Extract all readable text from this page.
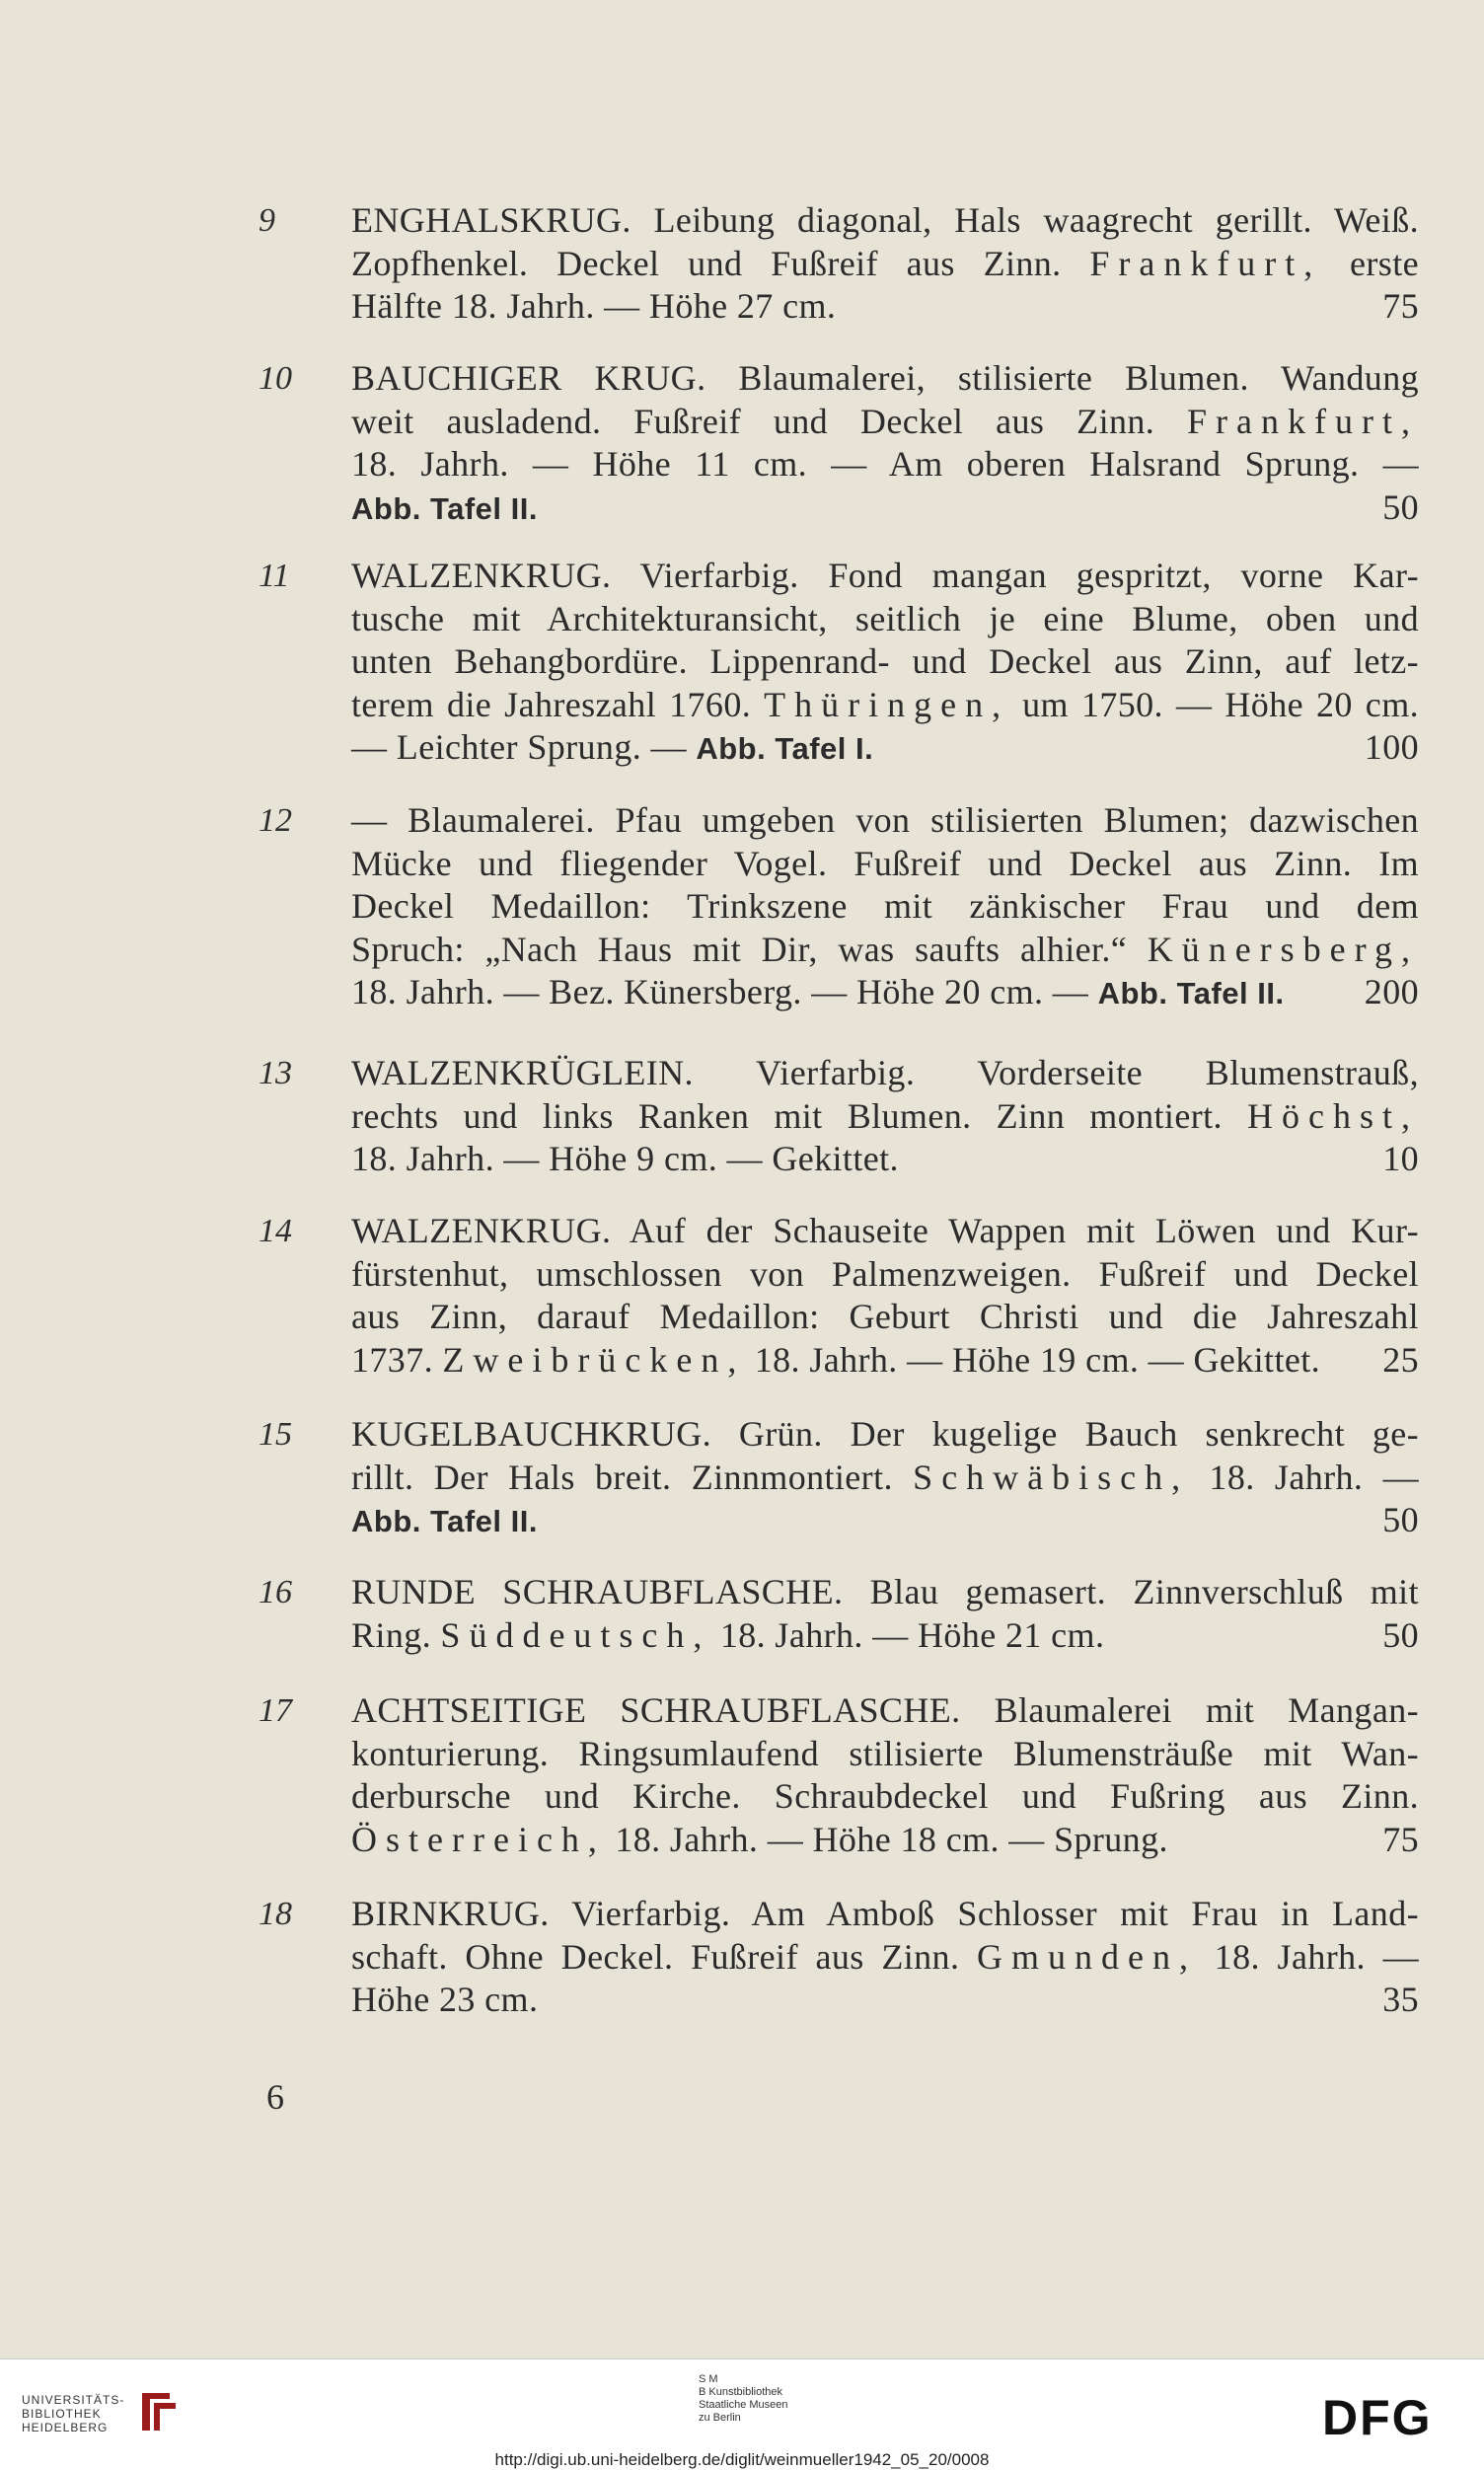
9 ENGHALSKRUG. Leibung diagonal, Hals waagrecht gerillt. Weiß.
Zopfhenkel. Deckel und Fußreif aus Zinn. Frankfurt, erste
Hälfte 18. Jahrh. — Höhe 27 cm.	75
10 BAUCHIGER KRUG. Blaumalerei, stilisierte Blumen. Wandung
weit ausladend. Fußreif und Deckel aus Zinn. Frankfurt,
18. Jahrh. — Höhe 11 cm. — Am oberen Halsrand Sprung. —
Abb. Tafel II.	50
11 WALZENKRUG. Vierfarbig. Fond mangan gespritzt, vorne Kar-
tusche mit Architekturansicht, seitlich je eine Blume, oben und
unten Behangbordüre. Lippenrand- und Deckel aus Zinn, auf letz-
terem die Jahreszahl 1760. Thüringen, um 1750. — Höhe 20 cm.
— Leichter Sprung. — Abb. Tafel I.	100
12 — Blaumalerei. Pfau umgeben von stilisierten Blumen; dazwischen
Mücke und fliegender Vogel. Fußreif und Deckel aus Zinn. Im
Deckel Medaillon: Trinkszene mit zänkischer Frau und dem
Spruch: „Nach Haus mit Dir, was saufts alhier.“ Künersberg,
18. Jahrh. — Bez. Künersberg. — Höhe 20 cm. — Abb. Tafel II. 200
13 WALZENKRÜGLEIN. Vierfarbig. Vorderseite Blumenstrauß,
rechts und links Ranken mit Blumen. Zinn montiert. Höchst,
18. Jahrh. — Höhe 9 cm. — Gekittet.	10
14 WALZENKRUG. Auf der Schauseite Wappen mit Löwen und Kur-
fürstenhut, umschlossen von Palmenzweigen. Fußreif und Deckel
aus Zinn, darauf Medaillon: Geburt Christi und die Jahreszahl
1737. Zweibrücken, 18. Jahrh. — Höhe 19 cm. — Gekittet. 25
15 KUGELBAUCHKRUG. Grün. Der kugelige Bauch senkrecht ge-
rillt. Der Hals breit. Zinnmontiert. Schwäbisch, 18. Jahrh. —
Abb. Tafel II.	50
16 RUNDE SCHRAUBFLASCHE. Blau gemasert. Zinnverschluß mit
Ring. Süddeutsch, 18. Jahrh. — Höhe 21 cm.	50
17 ACHTSEITIGE SCHRAUBFLASCHE. Blaumalerei mit Mangan-
konturierung. Ringsumlaufend stilisierte Blumensträuße mit Wan-
derbursche und Kirche. Schraubdeckel und Fußring aus Zinn.
Österreich, 18. Jahrh. — Höhe 18 cm. — Sprung.	75
18 BIRNKRUG. Vierfarbig. Am Amboß Schlosser mit Frau in Land-
schaft. Ohne Deckel. Fußreif aus Zinn. Gmunden, 18. Jahrh. —
Höhe 23 cm.	35
6
UNIVERSITÄTS-
BIBLIOTHEK
HEIDELBERG
S M
B Kunstbibliothek
Staatliche Museen
zu Berlin	DFG
http://digi.ub.uni-heidelberg.de/diglit/weinmueller1942_05_20/0008
